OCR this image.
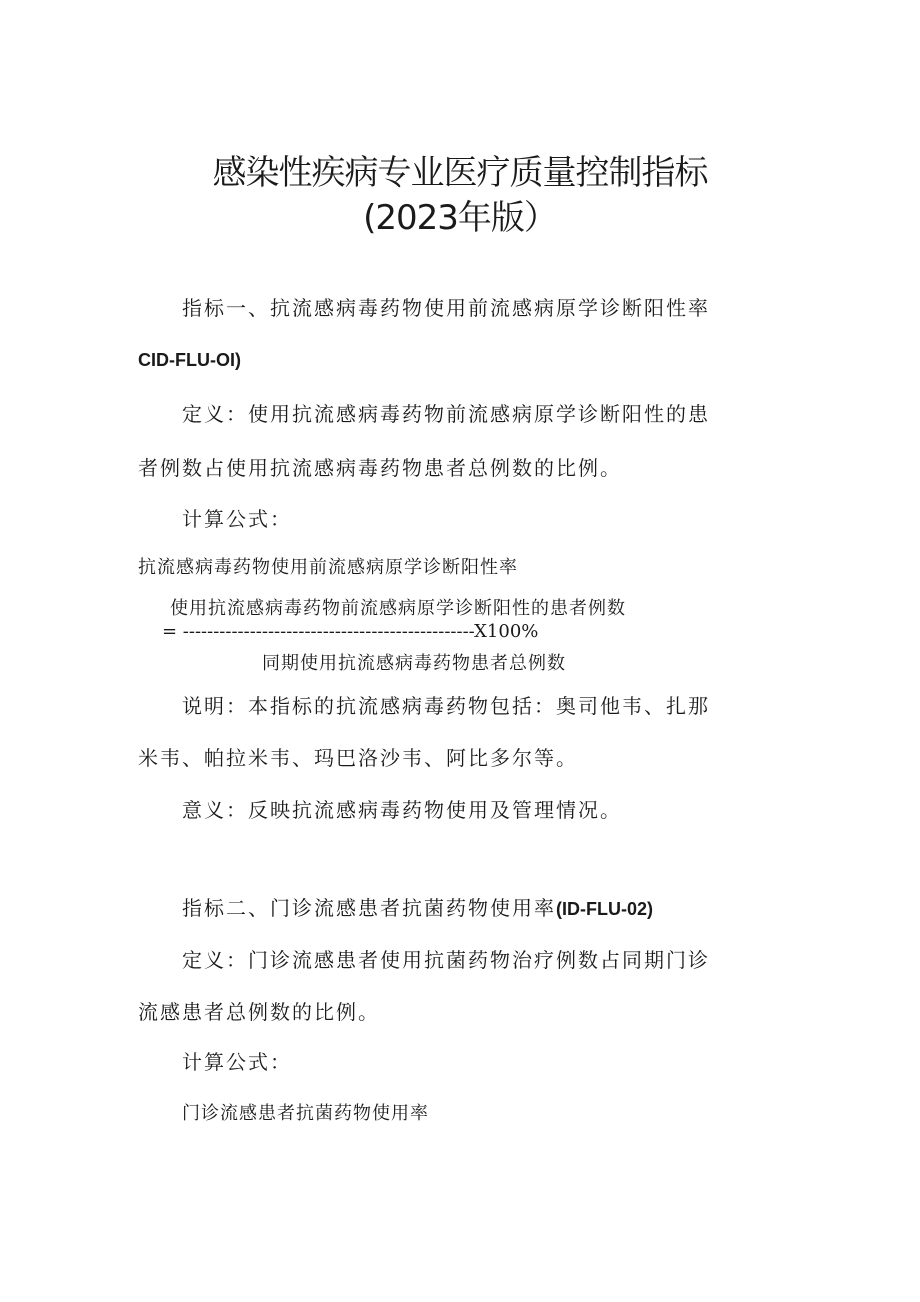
感染性疾病专业医疗质量控制指标
(2023年版）
指标一、抗流感病毒药物使用前流感病原学诊断阳性率
CID-FLU-OI)
定义：使用抗流感病毒药物前流感病原学诊断阳性的患
者例数占使用抗流感病毒药物患者总例数的比例。
计算公式：
抗流感病毒药物使用前流感病原学诊断阳性率
使用抗流感病毒药物前流感病原学诊断阳性的患者例数
= ------------------------------------------------X100%
同期使用抗流感病毒药物患者总例数
说明：本指标的抗流感病毒药物包括：奥司他韦、扎那
米韦、帕拉米韦、玛巴洛沙韦、阿比多尔等。
意义：反映抗流感病毒药物使用及管理情况。
指标二、门诊流感患者抗菌药物使用率(ID-FLU-02)
定义：门诊流感患者使用抗菌药物治疗例数占同期门诊
流感患者总例数的比例。
计算公式：
门诊流感患者抗菌药物使用率
